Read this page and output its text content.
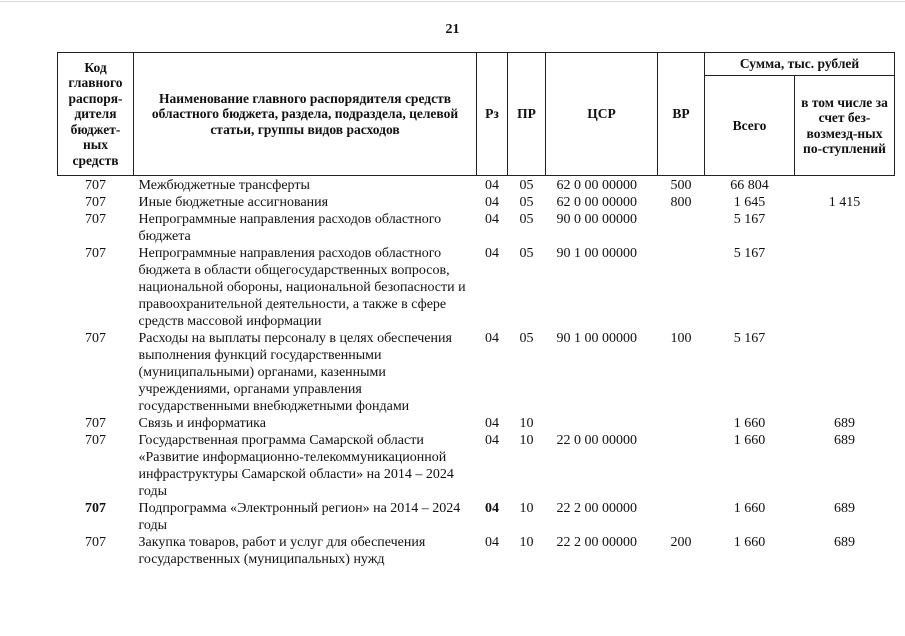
21
Код главного распоря-дителя бюджет-ных средств	Наименование главного распорядителя средств областного бюджета, раздела, подраздела, целевой статьи, группы видов расходов	Рз	ПР	ЦСР	ВР	Сумма, тыс. рублей	
						Всего	в том числе за счет без-возмезд-ных по-ступлений
707	Межбюджетные трансферты	04	05	62 0 00 00000	500	66 804	
707	Иные бюджетные ассигнования	04	05	62 0 00 00000	800	1 645	1 415
707	Непрограммные направления расходов областного бюджета	04	05	90 0 00 00000		5 167	
707	Непрограммные направления расходов областного бюджета в области общегосударственных вопросов, национальной обороны, национальной безопасности и правоохранительной деятельности, а также в сфере средств массовой информации	04	05	90 1 00 00000		5 167	
707	Расходы на выплаты персоналу в целях обеспечения выполнения функций государственными (муниципальными) органами, казенными учреждениями, органами управления государственными внебюджетными фондами	04	05	90 1 00 00000	100	5 167	
707	Связь и информатика	04	10			1 660	689
707	Государственная программа Самарской области «Развитие информационно-телекоммуникационной инфраструктуры Самарской области» на 2014 – 2024 годы	04	10	22 0 00 00000		1 660	689
707	Подпрограмма «Электронный регион» на 2014 – 2024 годы	04	10	22 2 00 00000		1 660	689
707	Закупка товаров, работ и услуг для обеспечения государственных (муниципальных) нужд	04	10	22 2 00 00000	200	1 660	689
